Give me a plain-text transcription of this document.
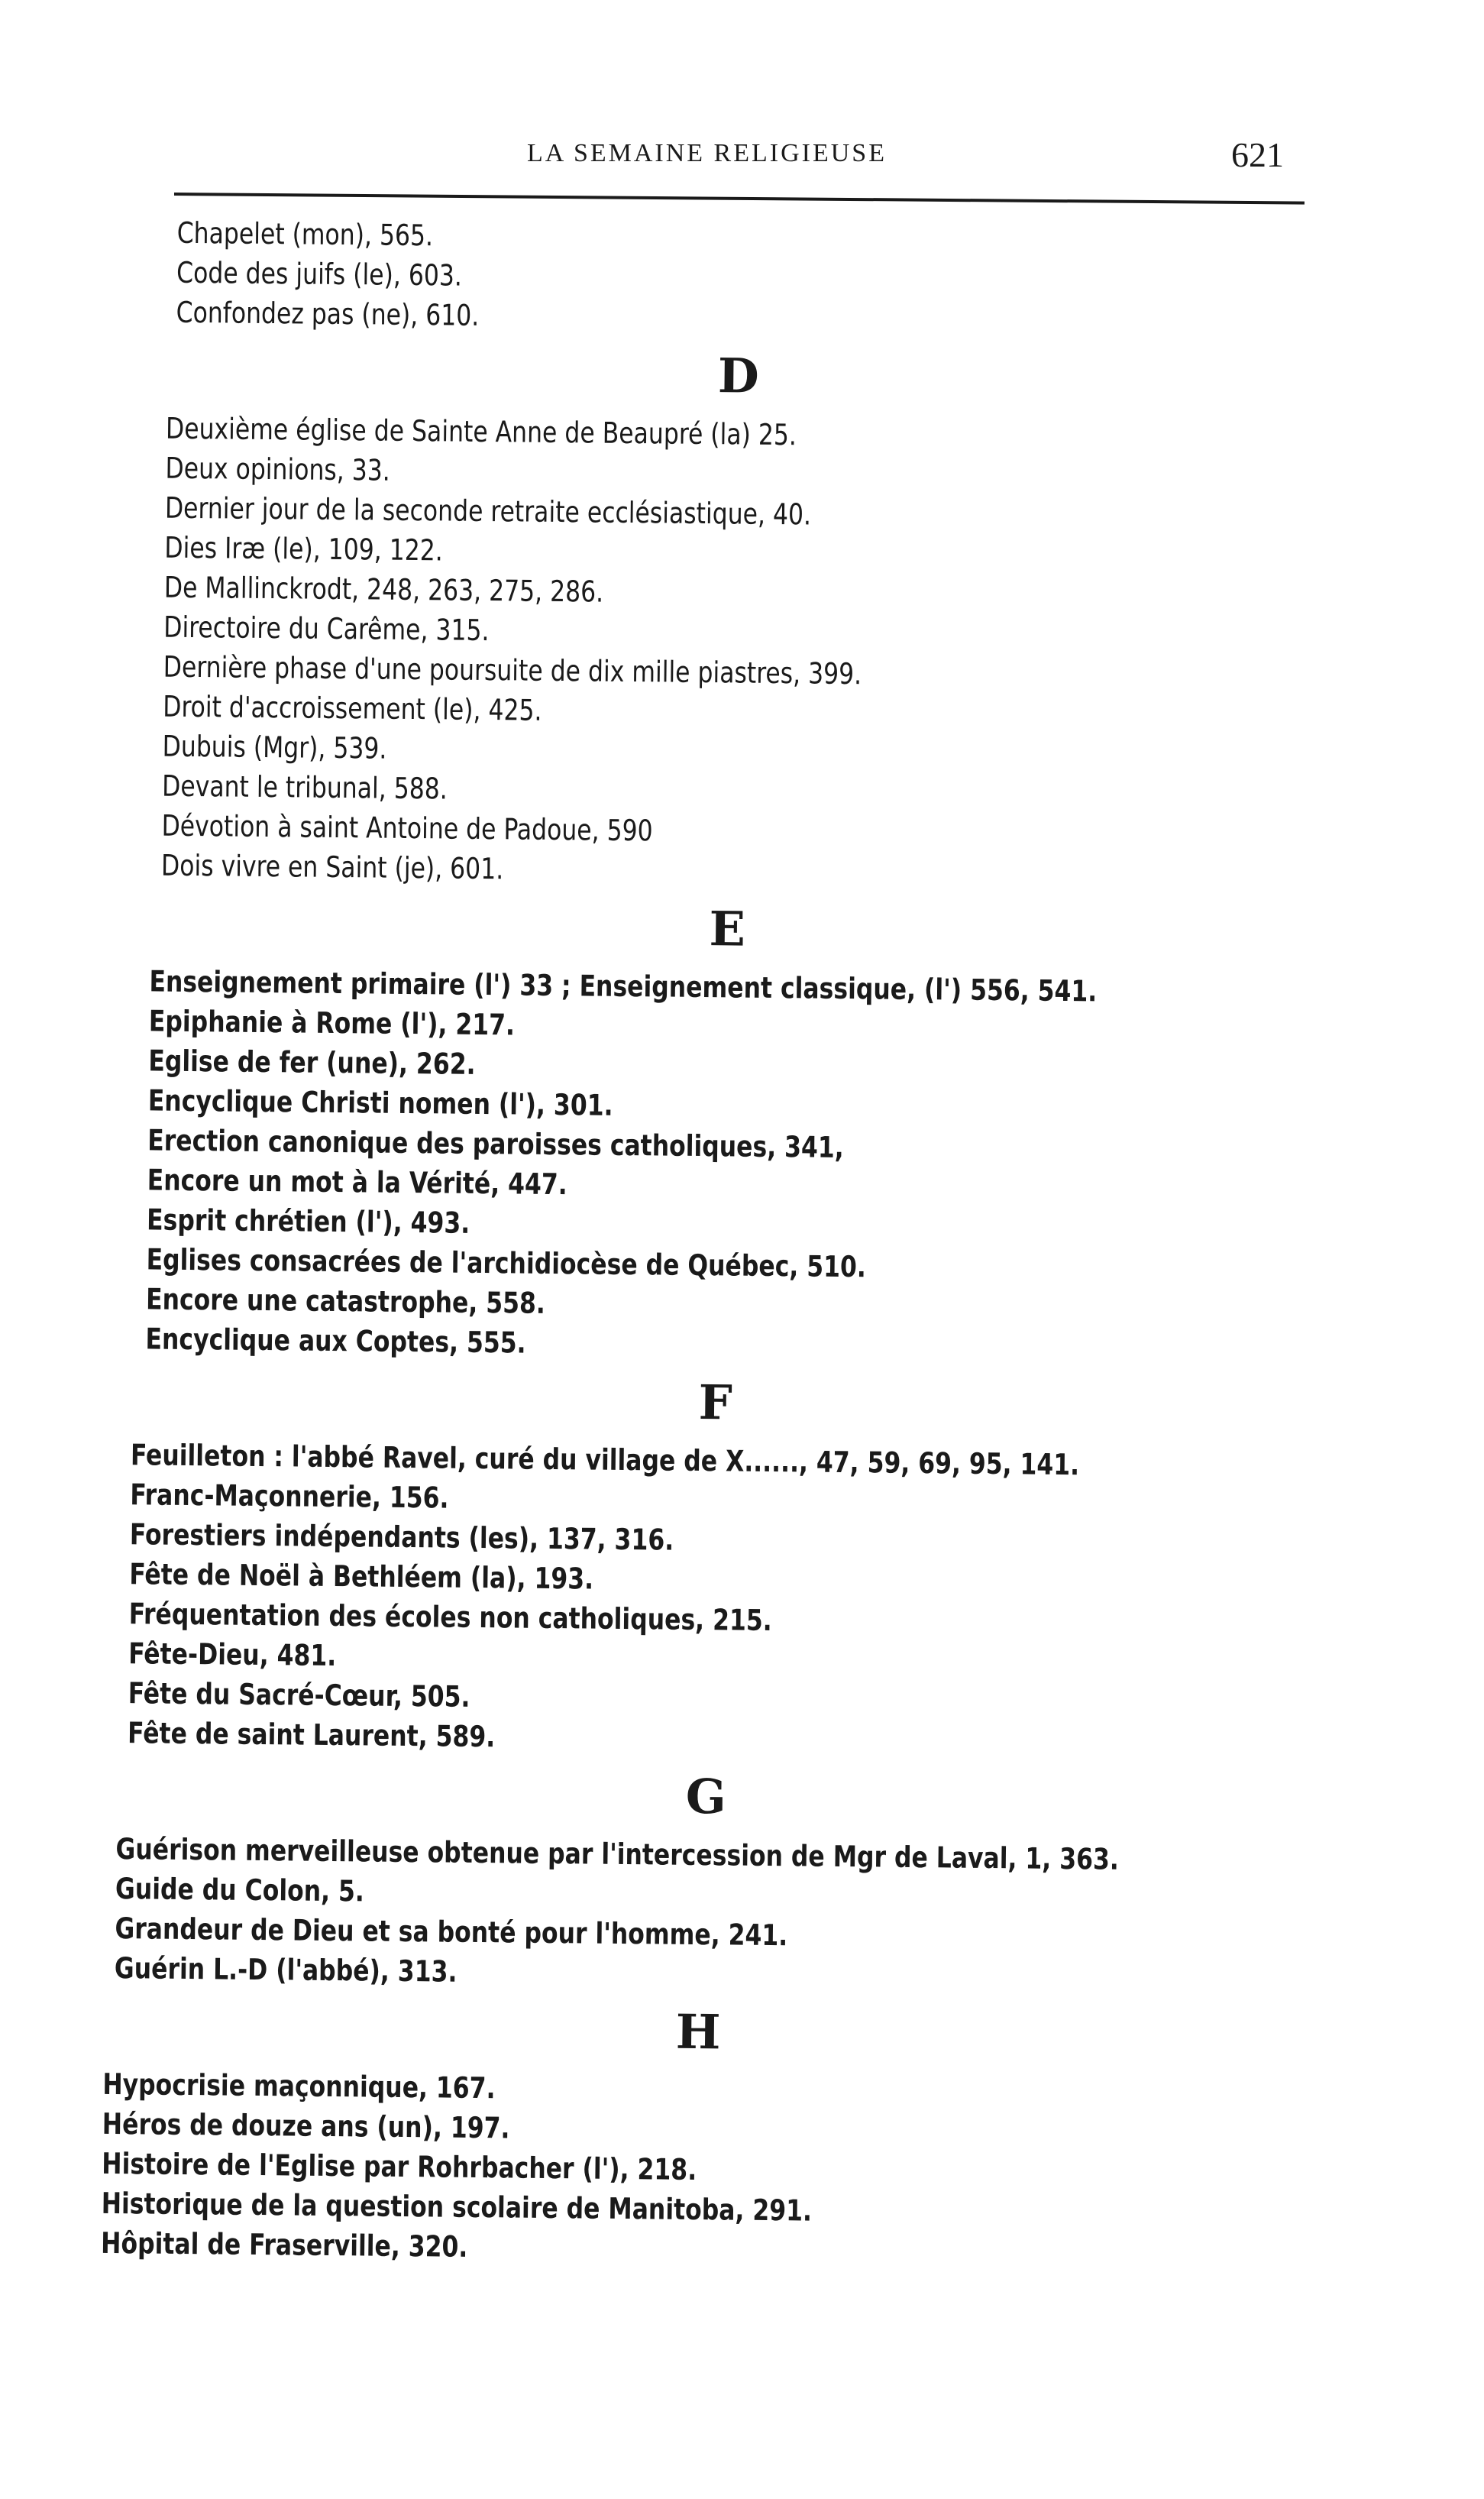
LA SEMAINE RELIGIEUSE	621
Chapelet (mon), 565.
Code des juifs (le), 603.
Confondez pas (ne), 610.
D
Deuxième église de Sainte Anne de Beaupré (la) 25.
Deux opinions, 33.
Dernier jour de la seconde retraite ecclésiastique, 40.
Dies Iræ (le), 109, 122.
De Mallinckrodt, 248, 263, 275, 286.
Directoire du Carême, 315.
Dernière phase d'une poursuite de dix mille piastres, 399.
Droit d'accroissement (le), 425.
Dubuis (Mgr), 539.
Devant le tribunal, 588.
Dévotion à saint Antoine de Padoue, 590
Dois vivre en Saint (je), 601.
E
Enseignement primaire (l') 33 ; Enseignement classique, (l') 556, 541.
Epiphanie à Rome (l'), 217.
Eglise de fer (une), 262.
Encyclique Christi nomen (l'), 301.
Erection canonique des paroisses catholiques, 341,
Encore un mot à la Vérité, 447.
Esprit chrétien (l'), 493.
Eglises consacrées de l'archidiocèse de Québec, 510.
Encore une catastrophe, 558.
Encyclique aux Coptes, 555.
F
Feuilleton : l'abbé Ravel, curé du village de X......, 47, 59, 69, 95, 141.
Franc-Maçonnerie, 156.
Forestiers indépendants (les), 137, 316.
Fête de Noël à Bethléem (la), 193.
Fréquentation des écoles non catholiques, 215.
Fête-Dieu, 481.
Fête du Sacré-Cœur, 505.
Fête de saint Laurent, 589.
G
Guérison merveilleuse obtenue par l'intercession de Mgr de Laval, 1, 363.
Guide du Colon, 5.
Grandeur de Dieu et sa bonté pour l'homme, 241.
Guérin L.-D (l'abbé), 313.
H
Hypocrisie maçonnique, 167.
Héros de douze ans (un), 197.
Histoire de l'Eglise par Rohrbacher (l'), 218.
Historique de la question scolaire de Manitoba, 291.
Hôpital de Fraserville, 320.
